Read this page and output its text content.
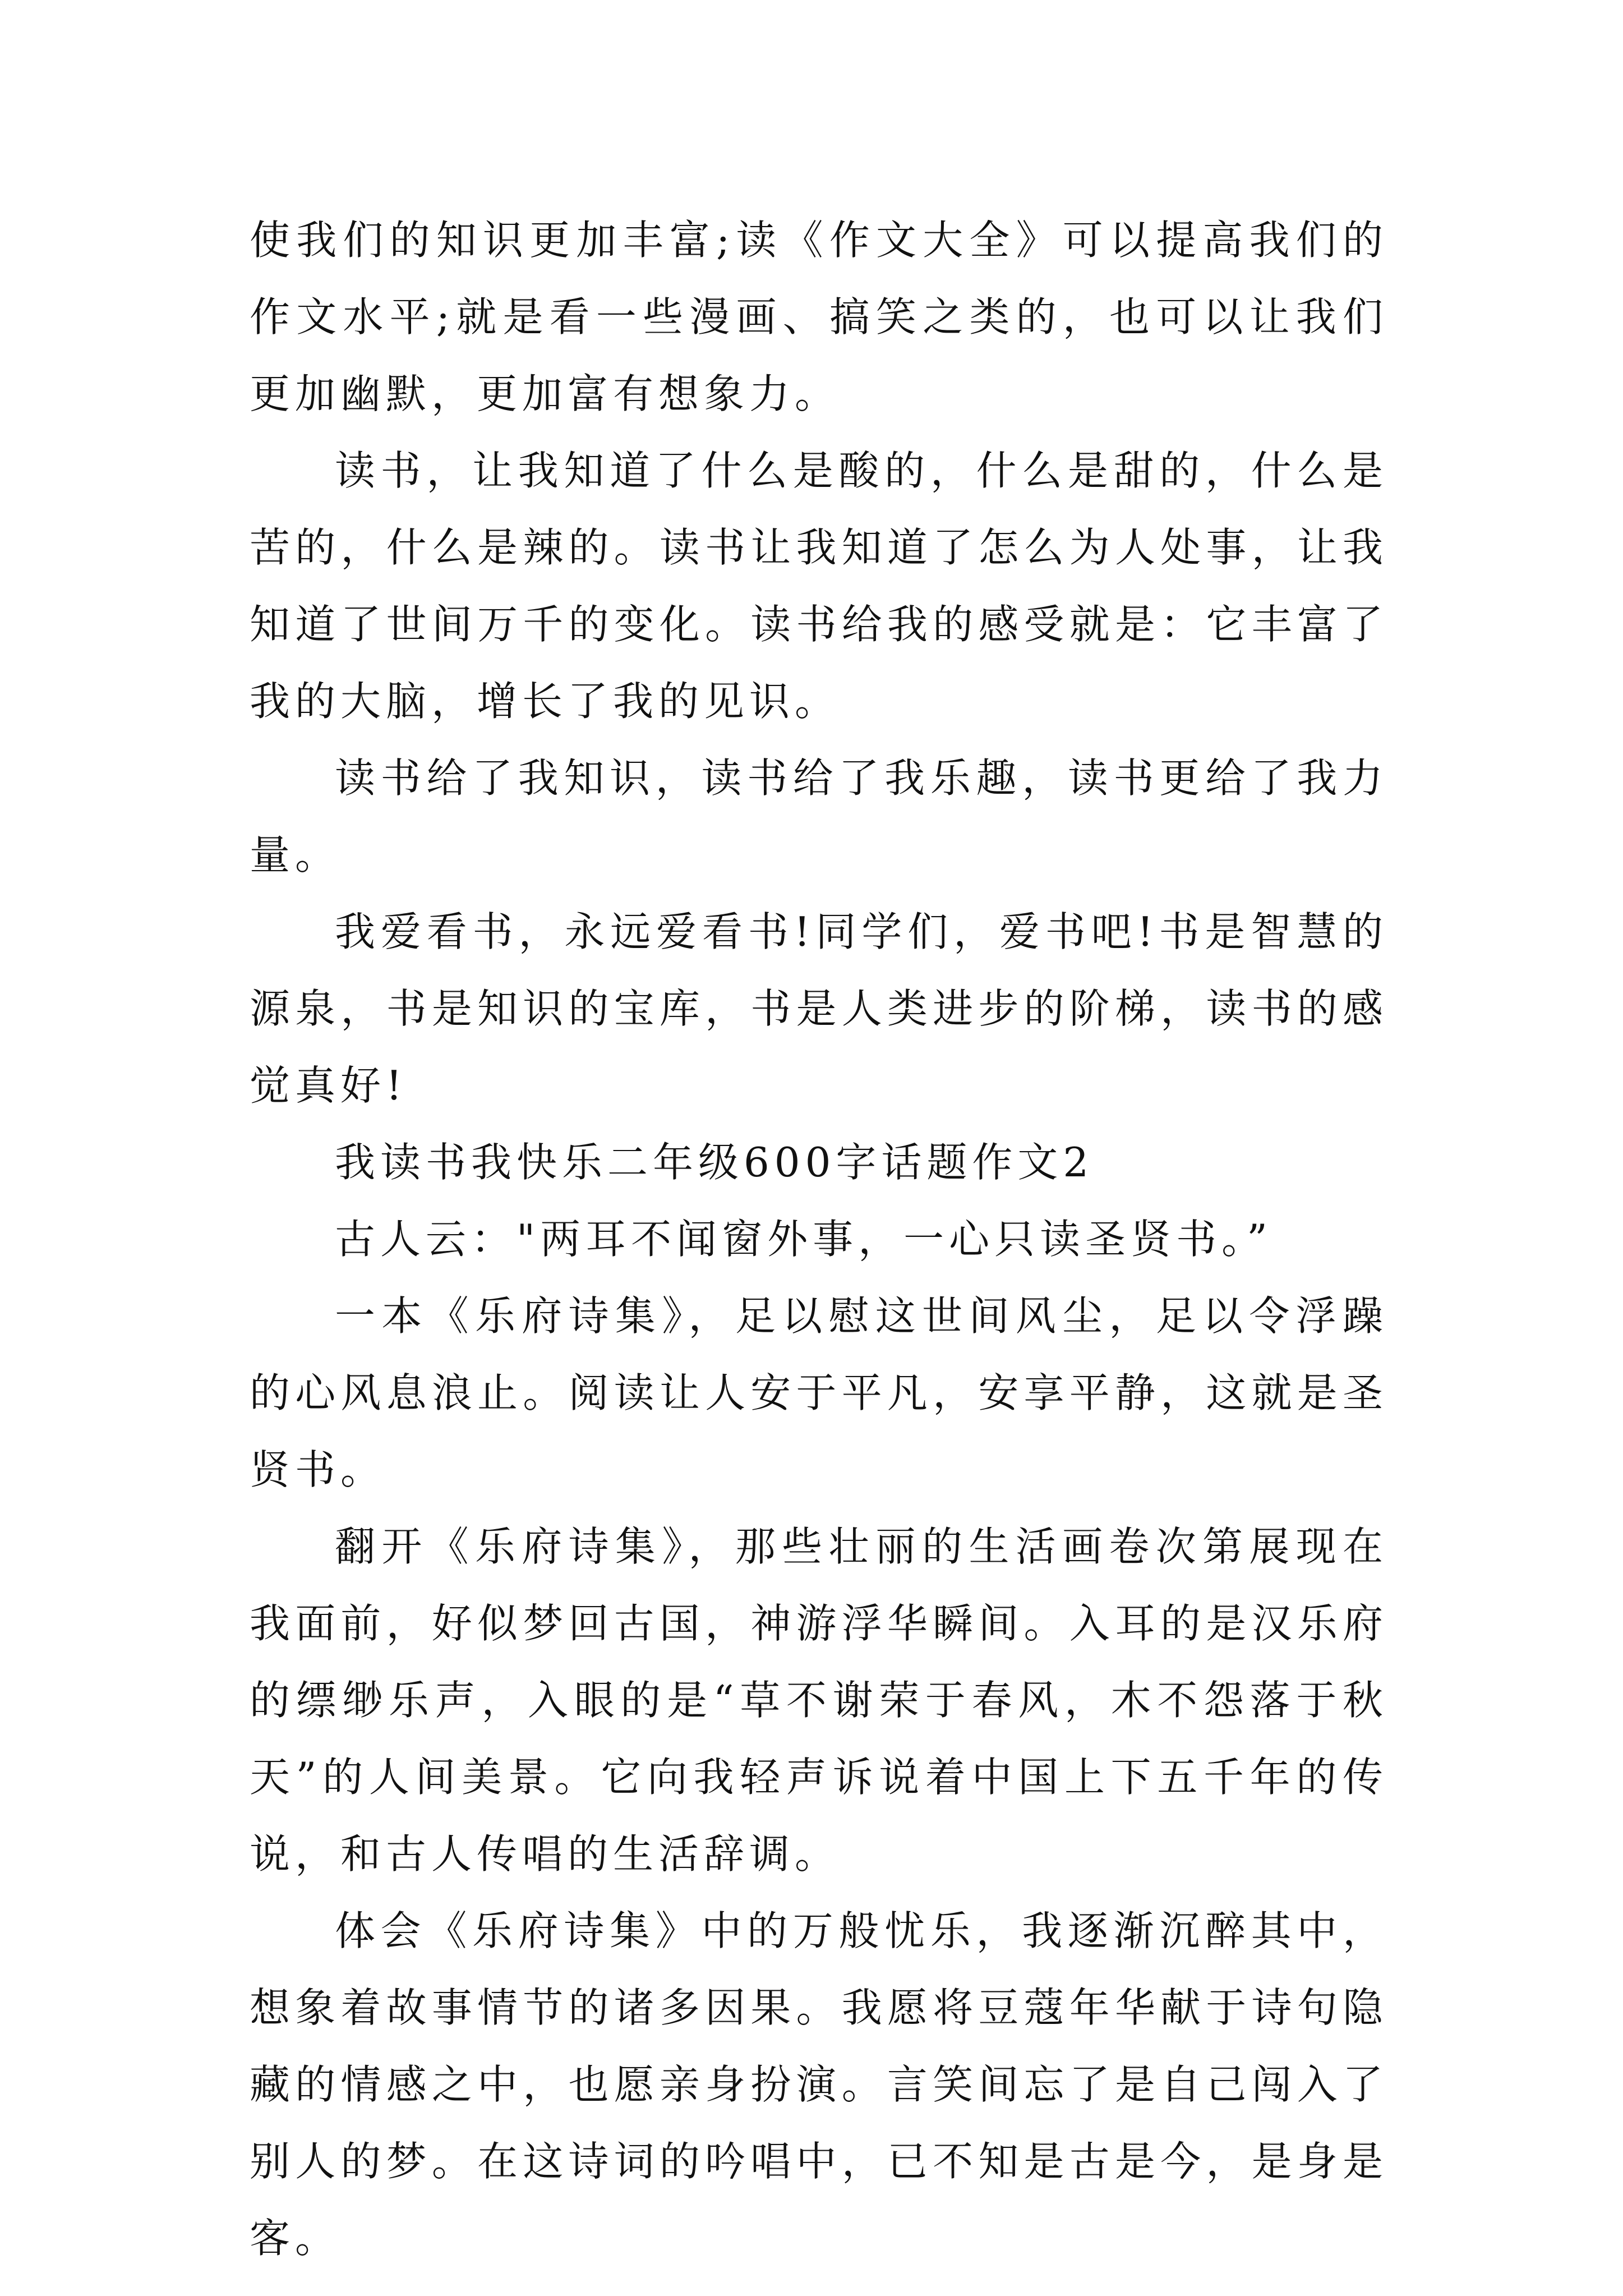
使我们的知识更加丰富;读《作文大全》可以提高我们的作文水平;就是看一些漫画、搞笑之类的，也可以让我们更加幽默，更加富有想象力。

读书，让我知道了什么是酸的，什么是甜的，什么是苦的，什么是辣的。读书让我知道了怎么为人处事，让我知道了世间万千的变化。读书给我的感受就是：它丰富了我的大脑，增长了我的见识。

读书给了我知识，读书给了我乐趣，读书更给了我力量。

我爱看书，永远爱看书!同学们，爱书吧!书是智慧的源泉，书是知识的宝库，书是人类进步的阶梯，读书的感觉真好!

我读书我快乐二年级600字话题作文2

古人云："两耳不闻窗外事，一心只读圣贤书。”

一本《乐府诗集》，足以慰这世间风尘，足以令浮躁的心风息浪止。阅读让人安于平凡，安享平静，这就是圣贤书。

翻开《乐府诗集》，那些壮丽的生活画卷次第展现在我面前，好似梦回古国，神游浮华瞬间。入耳的是汉乐府的缥缈乐声，入眼的是“草不谢荣于春风，木不怨落于秋天”的人间美景。它向我轻声诉说着中国上下五千年的传说，和古人传唱的生活辞调。

体会《乐府诗集》中的万般忧乐，我逐渐沉醉其中，想象着故事情节的诸多因果。我愿将豆蔻年华献于诗句隐藏的情感之中，也愿亲身扮演。言笑间忘了是自己闯入了别人的梦。在这诗词的吟唱中，已不知是古是今，是身是客。
